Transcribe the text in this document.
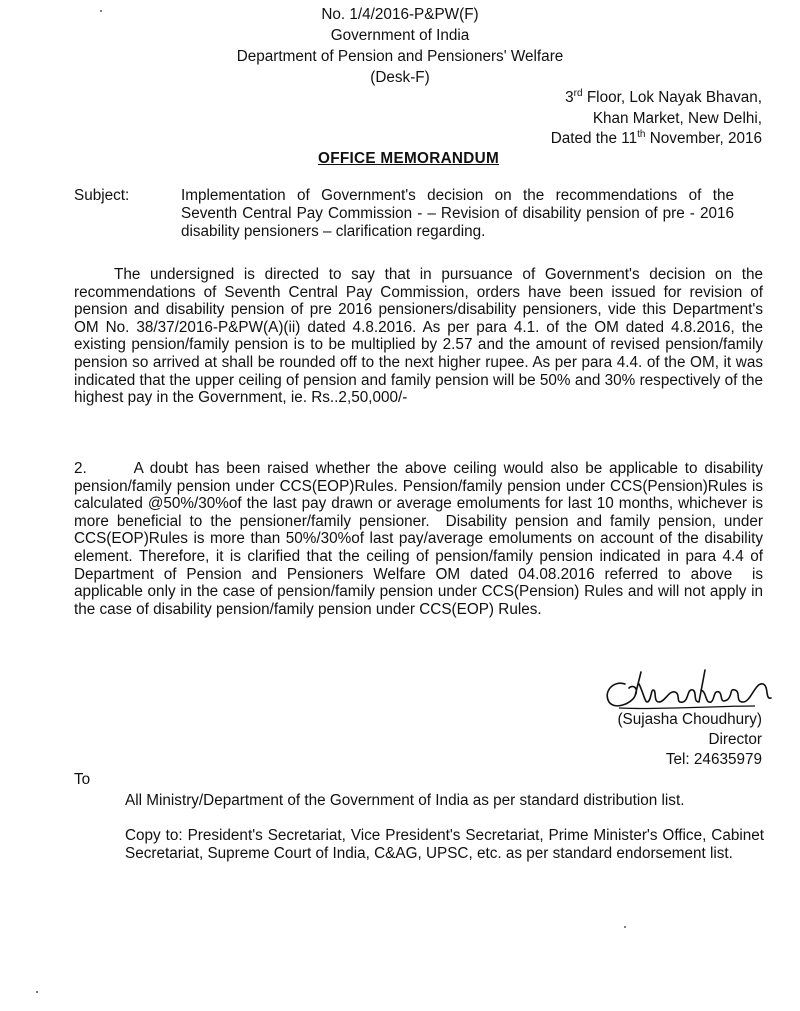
No. 1/4/2016-P&PW(F)
Government of India
Department of Pension and Pensioners' Welfare
(Desk-F)
3rd Floor, Lok Nayak Bhavan,
Khan Market, New Delhi,
Dated the 11th November, 2016
OFFICE MEMORANDUM
Subject:	Implementation of Government's decision on the recommendations of the Seventh Central Pay Commission - – Revision of disability pension of pre - 2016 disability pensioners – clarification regarding.
The undersigned is directed to say that in pursuance of Government's decision on the recommendations of Seventh Central Pay Commission, orders have been issued for revision of pension and disability pension of pre 2016 pensioners/disability pensioners, vide this Department's OM No. 38/37/2016-P&PW(A)(ii) dated 4.8.2016. As per para 4.1. of the OM dated 4.8.2016, the existing pension/family pension is to be multiplied by 2.57 and the amount of revised pension/family pension so arrived at shall be rounded off to the next higher rupee. As per para 4.4. of the OM, it was indicated that the upper ceiling of pension and family pension will be 50% and 30% respectively of the highest pay in the Government, ie. Rs..2,50,000/-
2.       A doubt has been raised whether the above ceiling would also be applicable to disability pension/family pension under CCS(EOP)Rules. Pension/family pension under CCS(Pension)Rules is calculated @50%/30%of the last pay drawn or average emoluments for last 10 months, whichever is more beneficial to the pensioner/family pensioner.  Disability pension and family pension, under   CCS(EOP)Rules is more than 50%/30%of last pay/average emoluments on account of the disability element. Therefore, it is clarified that the ceiling of pension/family pension indicated in para 4.4 of Department of Pension and Pensioners Welfare OM dated 04.08.2016 referred to above  is applicable only in the case of pension/family pension under CCS(Pension) Rules and will not apply in the case of disability pension/family pension under CCS(EOP) Rules.
(Sujasha Choudhury)
Director
Tel: 24635979
To
All Ministry/Department of the Government of India as per standard distribution list.
Copy to: President's Secretariat, Vice President's Secretariat, Prime Minister's Office, Cabinet Secretariat, Supreme Court of India, C&AG, UPSC, etc. as per standard endorsement list.
